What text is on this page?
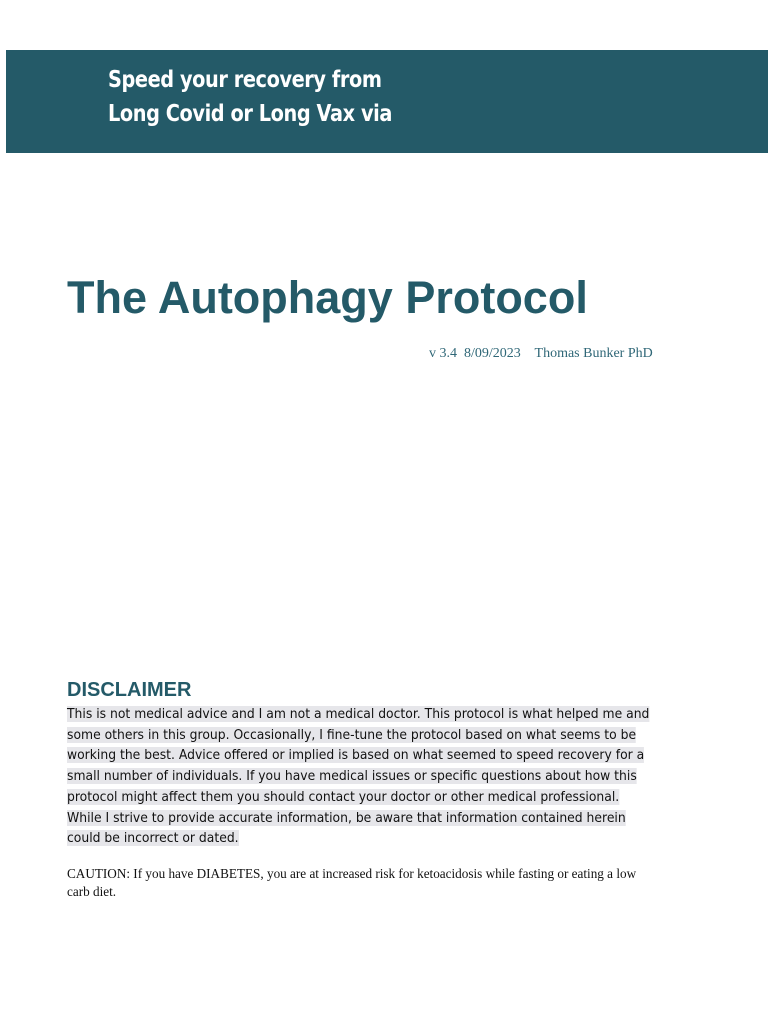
Speed your recovery from
Long Covid or Long Vax via
The Autophagy Protocol
v 3.4 8/09/2023 Thomas Bunker PhD
DISCLAIMER
This is not medical advice and I am not a medical doctor. This protocol is what helped me and
some others in this group. Occasionally, I fine-tune the protocol based on what seems to be
working the best. Advice offered or implied is based on what seemed to speed recovery for a
small number of individuals. If you have medical issues or specific questions about how this
protocol might affect them you should contact your doctor or other medical professional.
While I strive to provide accurate information, be aware that information contained herein
could be incorrect or dated.
CAUTION: If you have DIABETES, you are at increased risk for ketoacidosis while fasting or eating a low
carb diet.
